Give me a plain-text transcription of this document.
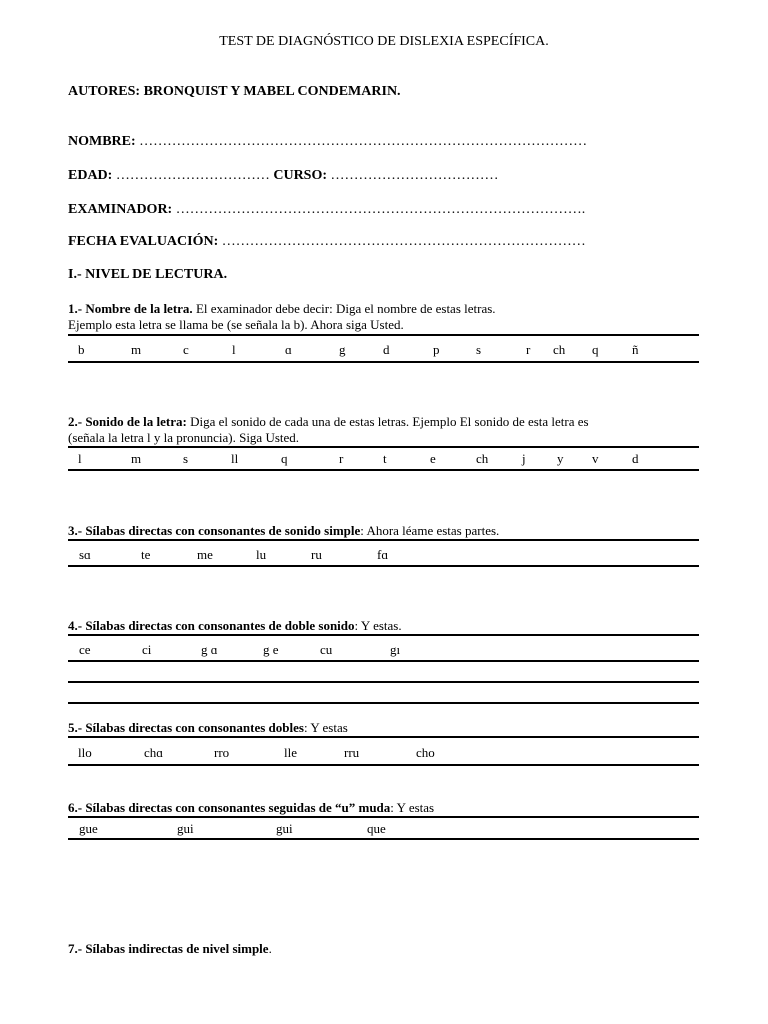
TEST DE DIAGNÓSTICO DE DISLEXIA ESPECÍFICA.
AUTORES: BRONQUIST Y MABEL CONDEMARIN.
NOMBRE: ……………………………………………………………………………………
EDAD: …………………………… CURSO: ………………………………
EXAMINADOR: …………………………………………………………………………….
FECHA EVALUACIÓN: ……………………………………………………………………
I.- NIVEL DE LECTURA.
1.- Nombre de la letra. El examinador debe decir: Diga el nombre de estas letras.
Ejemplo esta letra se llama be (se señala la b). Ahora siga Usted.
b	m	c	l	ɑ	g	d	p	s	r ch q	ñ
2.- Sonido de la letra: Diga el sonido de cada una de estas letras. Ejemplo El sonido de esta letra es
(señala la letra l y la pronuncia). Siga Usted.
l	m	s	ll	q	r	t	e	ch	j y v	d
3.- Sílabas directas con consonantes de sonido simple: Ahora léame estas partes.
sɑ	te	me	lu	ru	fɑ
4.- Sílabas directas con consonantes de doble sonido: Y estas.
ce	ci	g ɑ	g e	cu	gı
5.- Sílabas directas con consonantes dobles: Y estas
llo	chɑ	rro	lle	rru	cho
6.- Sílabas directas con consonantes seguidas de “u” muda: Y estas
gue	gui	gui	que
7.- Sílabas indirectas de nivel simple.
